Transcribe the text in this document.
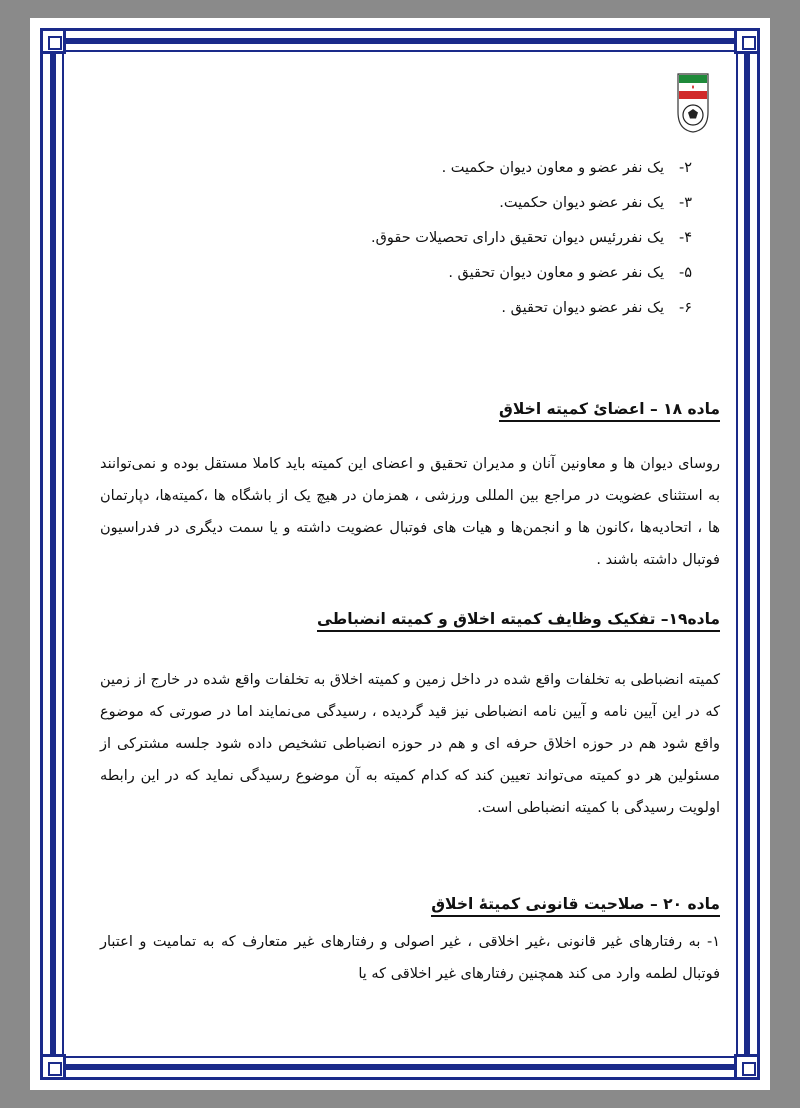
۲-یک نفر عضو و معاون دیوان حکمیت .
۳-یک نفر عضو دیوان حکمیت.
۴-یک نفررئیس دیوان تحقیق دارای تحصیلات حقوق.
۵-یک نفر عضو و معاون دیوان تحقیق .
۶-یک نفر عضو دیوان تحقیق .
ماده ۱۸ – اعضایٔ کمیته اخلاق
روسای دیوان ها و معاونین آنان و مدیران تحقیق و اعضای این کمیته باید کاملا مستقل بوده و نمی‌توانند به استثنای عضویت در مراجع بین المللی ورزشی ، همزمان در هیچ یک از باشگاه ها ،کمیته‌ها، دپارتمان ها ، اتحادیه‌ها ،کانون ها و انجمن‌ها و هیات های فوتبال عضویت داشته و یا سمت دیگری در فدراسیون فوتبال داشته باشند .
ماده۱۹– تفکیک وظایف کمیته اخلاق و کمیته انضباطی
کمیته انضباطی به تخلفات واقع شده در داخل زمین و کمیته اخلاق به تخلفات واقع شده در خارج از زمین که در این آیین نامه و آیین نامه انضباطی نیز قید گردیده ، رسیدگی می‌نمایند اما در صورتی که موضوع واقع شود هم در حوزه اخلاق حرفه ای و هم در حوزه انضباطی تشخیص داده شود جلسه مشترکی از مسئولین هر دو کمیته می‌تواند تعیین کند که کدام کمیته به آن موضوع رسیدگی نماید که در این رابطه اولویت رسیدگی با کمیته انضباطی است.
ماده ۲۰ – صلاحیت قانونی کمیتهٔ اخلاق
۱- به رفتارهای غیر قانونی ،غیر اخلاقی ، غیر اصولی و رفتارهای غیر متعارف که به تمامیت و اعتبار فوتبال لطمه وارد می کند همچنین رفتارهای غیر اخلاقی که یا
